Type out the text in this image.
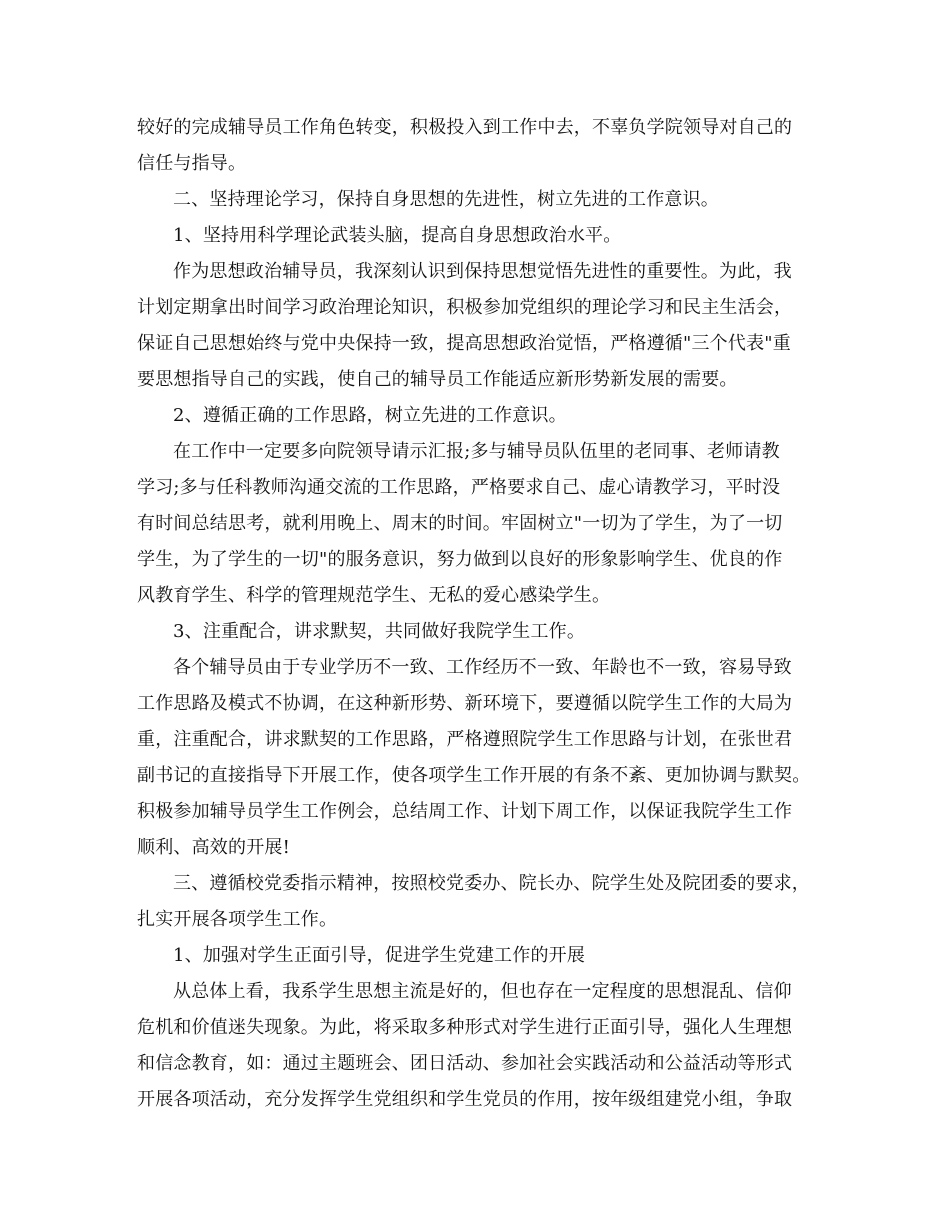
较好的完成辅导员工作角色转变，积极投入到工作中去，不辜负学院领导对自己的
信任与指导。
二、坚持理论学习，保持自身思想的先进性，树立先进的工作意识。
1、坚持用科学理论武装头脑，提高自身思想政治水平。
作为思想政治辅导员，我深刻认识到保持思想觉悟先进性的重要性。为此，我
计划定期拿出时间学习政治理论知识，积极参加党组织的理论学习和民主生活会，
保证自己思想始终与党中央保持一致，提高思想政治觉悟，严格遵循"三个代表"重
要思想指导自己的实践，使自己的辅导员工作能适应新形势新发展的需要。
2、遵循正确的工作思路，树立先进的工作意识。
在工作中一定要多向院领导请示汇报;多与辅导员队伍里的老同事、老师请教
学习;多与任科教师沟通交流的工作思路，严格要求自己、虚心请教学习，平时没
有时间总结思考，就利用晚上、周末的时间。牢固树立"一切为了学生，为了一切
学生，为了学生的一切"的服务意识，努力做到以良好的形象影响学生、优良的作
风教育学生、科学的管理规范学生、无私的爱心感染学生。
3、注重配合，讲求默契，共同做好我院学生工作。
各个辅导员由于专业学历不一致、工作经历不一致、年龄也不一致，容易导致
工作思路及模式不协调，在这种新形势、新环境下，要遵循以院学生工作的大局为
重，注重配合，讲求默契的工作思路，严格遵照院学生工作思路与计划，在张世君
副书记的直接指导下开展工作，使各项学生工作开展的有条不紊、更加协调与默契。
积极参加辅导员学生工作例会，总结周工作、计划下周工作，以保证我院学生工作
顺利、高效的开展!
三、遵循校党委指示精神，按照校党委办、院长办、院学生处及院团委的要求，
扎实开展各项学生工作。
1、加强对学生正面引导，促进学生党建工作的开展
从总体上看，我系学生思想主流是好的，但也存在一定程度的思想混乱、信仰
危机和价值迷失现象。为此，将采取多种形式对学生进行正面引导，强化人生理想
和信念教育，如：通过主题班会、团日活动、参加社会实践活动和公益活动等形式
开展各项活动，充分发挥学生党组织和学生党员的作用，按年级组建党小组，争取
